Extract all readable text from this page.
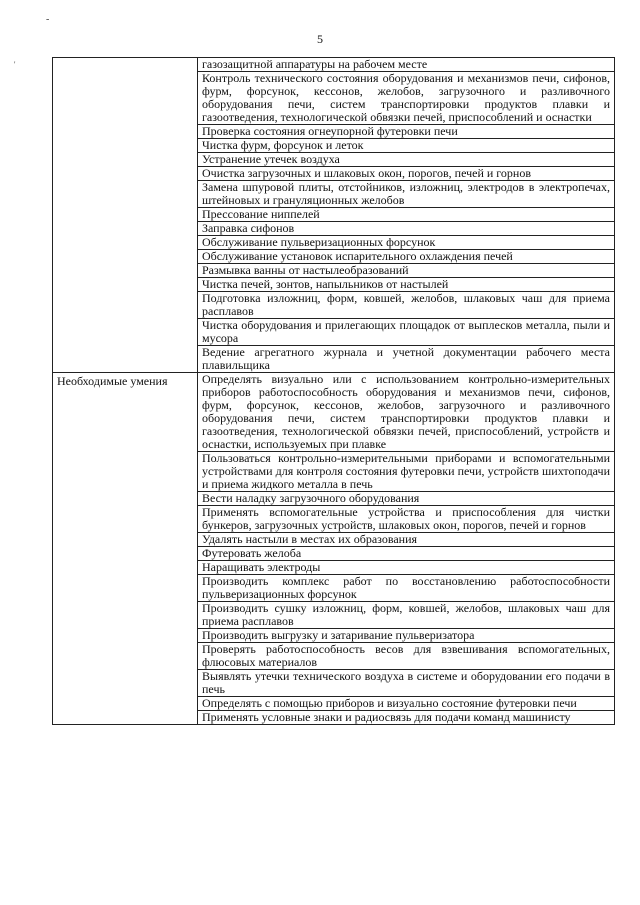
-
'
5
	газозащитной аппаратуры на рабочем месте
	Контроль технического состояния оборудования и механизмов печи, сифонов, фурм, форсунок, кессонов, желобов, загрузочного и разливочного оборудования печи, систем транспортировки продуктов плавки и газоотведения, технологической обвязки печей, приспособлений и оснастки
	Проверка состояния огнеупорной футеровки печи
	Чистка фурм, форсунок и леток
	Устранение утечек воздуха
	Очистка загрузочных и шлаковых окон, порогов, печей и горнов
	Замена шпуровой плиты, отстойников, изложниц, электродов в электропечах, штейновых и грануляционных желобов
	Прессование ниппелей
	Заправка сифонов
	Обслуживание пульверизационных форсунок
	Обслуживание установок испарительного охлаждения печей
	Размывка ванны от настылеобразований
	Чистка печей, зонтов, напыльников от настылей
	Подготовка изложниц, форм, ковшей, желобов, шлаковых чаш для приема расплавов
	Чистка оборудования и прилегающих площадок от выплесков металла, пыли и мусора
	Ведение агрегатного журнала и учетной документации рабочего места плавильщика

Необходимые умения	Определять визуально или с использованием контрольно-измерительных приборов работоспособность оборудования и механизмов печи, сифонов, фурм, форсунок, кессонов, желобов, загрузочного и разливочного оборудования печи, систем транспортировки продуктов плавки и газоотведения, технологической обвязки печей, приспособлений, устройств и оснастки, используемых при плавке
	Пользоваться контрольно-измерительными приборами и вспомогательными устройствами для контроля состояния футеровки печи, устройств шихтоподачи и приема жидкого металла в печь
	Вести наладку загрузочного оборудования
	Применять вспомогательные устройства и приспособления для чистки бункеров, загрузочных устройств, шлаковых окон, порогов, печей и горнов
	Удалять настыли в местах их образования
	Футеровать желоба
	Наращивать электроды
	Производить комплекс работ по восстановлению работоспособности пульверизационных форсунок
	Производить сушку изложниц, форм, ковшей, желобов, шлаковых чаш для приема расплавов
	Производить выгрузку и затаривание пульверизатора
	Проверять работоспособность весов для взвешивания вспомогательных, флюсовых материалов
	Выявлять утечки технического воздуха в системе и оборудовании его подачи в печь
	Определять с помощью приборов и визуально состояние футеровки печи
	Применять условные знаки и радиосвязь для подачи команд машинисту
